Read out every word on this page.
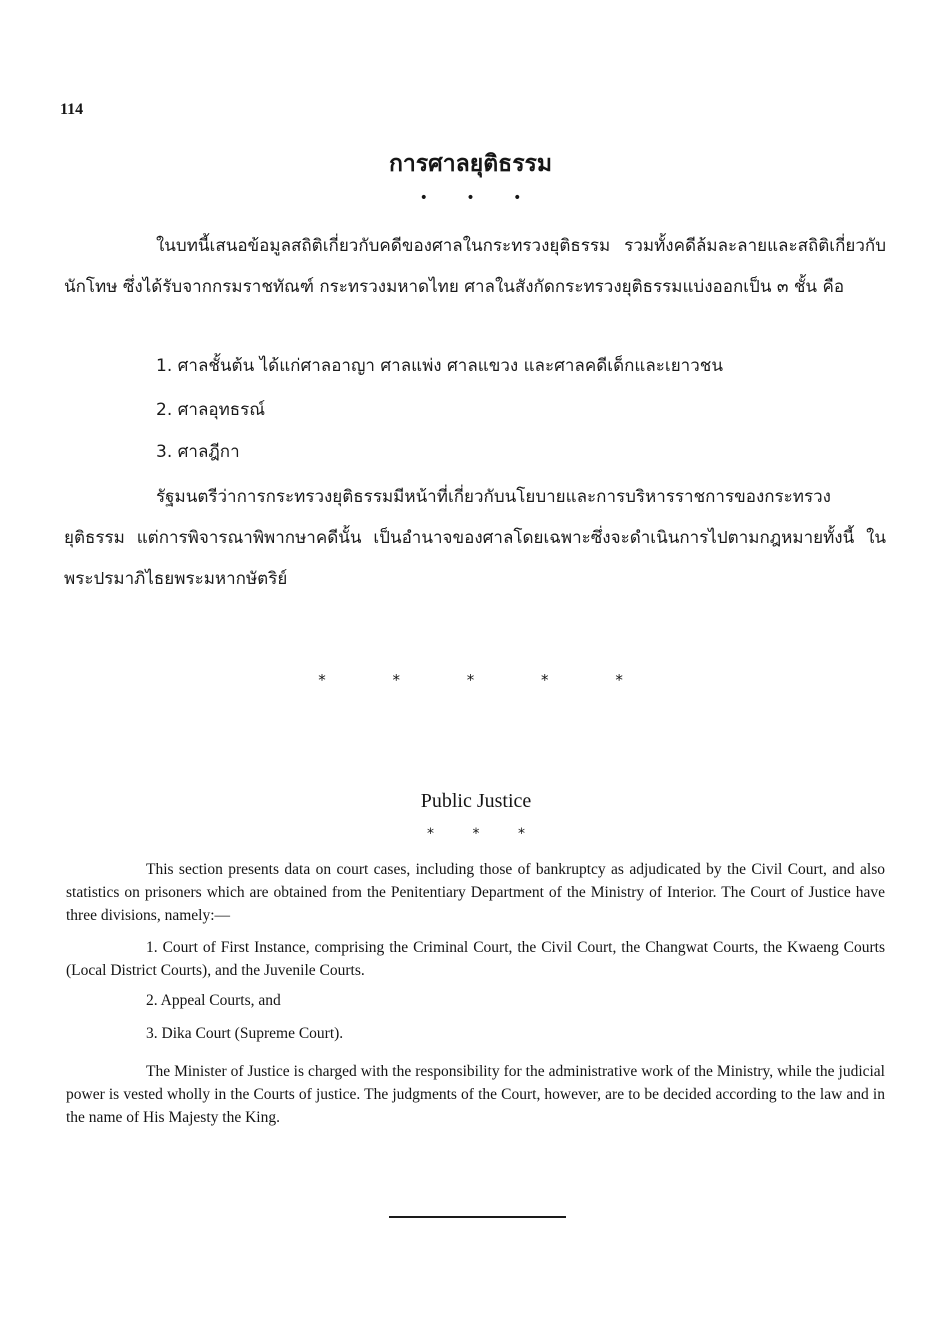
114
การศาลยุติธรรม
•	•	•

ในบทนี้เสนอข้อมูลสถิติเกี่ยวกับคดีของศาลในกระทรวงยุติธรรม รวมทั้งคดีล้มละลายและสถิติเกี่ยวกับนักโทษ ซึ่งได้รับจากกรมราชทัณฑ์ กระทรวงมหาดไทย ศาลในสังกัดกระทรวงยุติธรรมแบ่งออกเป็น ๓ ชั้น คือ

1. ศาลชั้นต้น ได้แก่ศาลอาญา ศาลแพ่ง ศาลแขวง และศาลคดีเด็กและเยาวชน

2. ศาลอุทธรณ์

3. ศาลฎีกา

รัฐมนตรีว่าการกระทรวงยุติธรรมมีหน้าที่เกี่ยวกับนโยบายและการบริหารราชการของกระทรวงยุติธรรม แต่การพิจารณาพิพากษาคดีนั้น เป็นอำนาจของศาลโดยเฉพาะซึ่งจะดำเนินการไปตามกฎหมายทั้งนี้ ในพระปรมาภิไธยพระมหากษัตริย์

*	*	*	*	*
Public Justice
*	*	*

This section presents data on court cases, including those of bankruptcy as adjudicated by the Civil Court, and also statistics on prisoners which are obtained from the Penitentiary Department of the Ministry of Interior. The Court of Justice have three divisions, namely:—

1. Court of First Instance, comprising the Criminal Court, the Civil Court, the Changwat Courts, the Kwaeng Courts (Local District Courts), and the Juvenile Courts.

2. Appeal Courts, and

3. Dika Court (Supreme Court).

The Minister of Justice is charged with the responsibility for the administrative work of the Ministry, while the judicial power is vested wholly in the Courts of justice. The judgments of the Court, however, are to be decided according to the law and in the name of His Majesty the King.
